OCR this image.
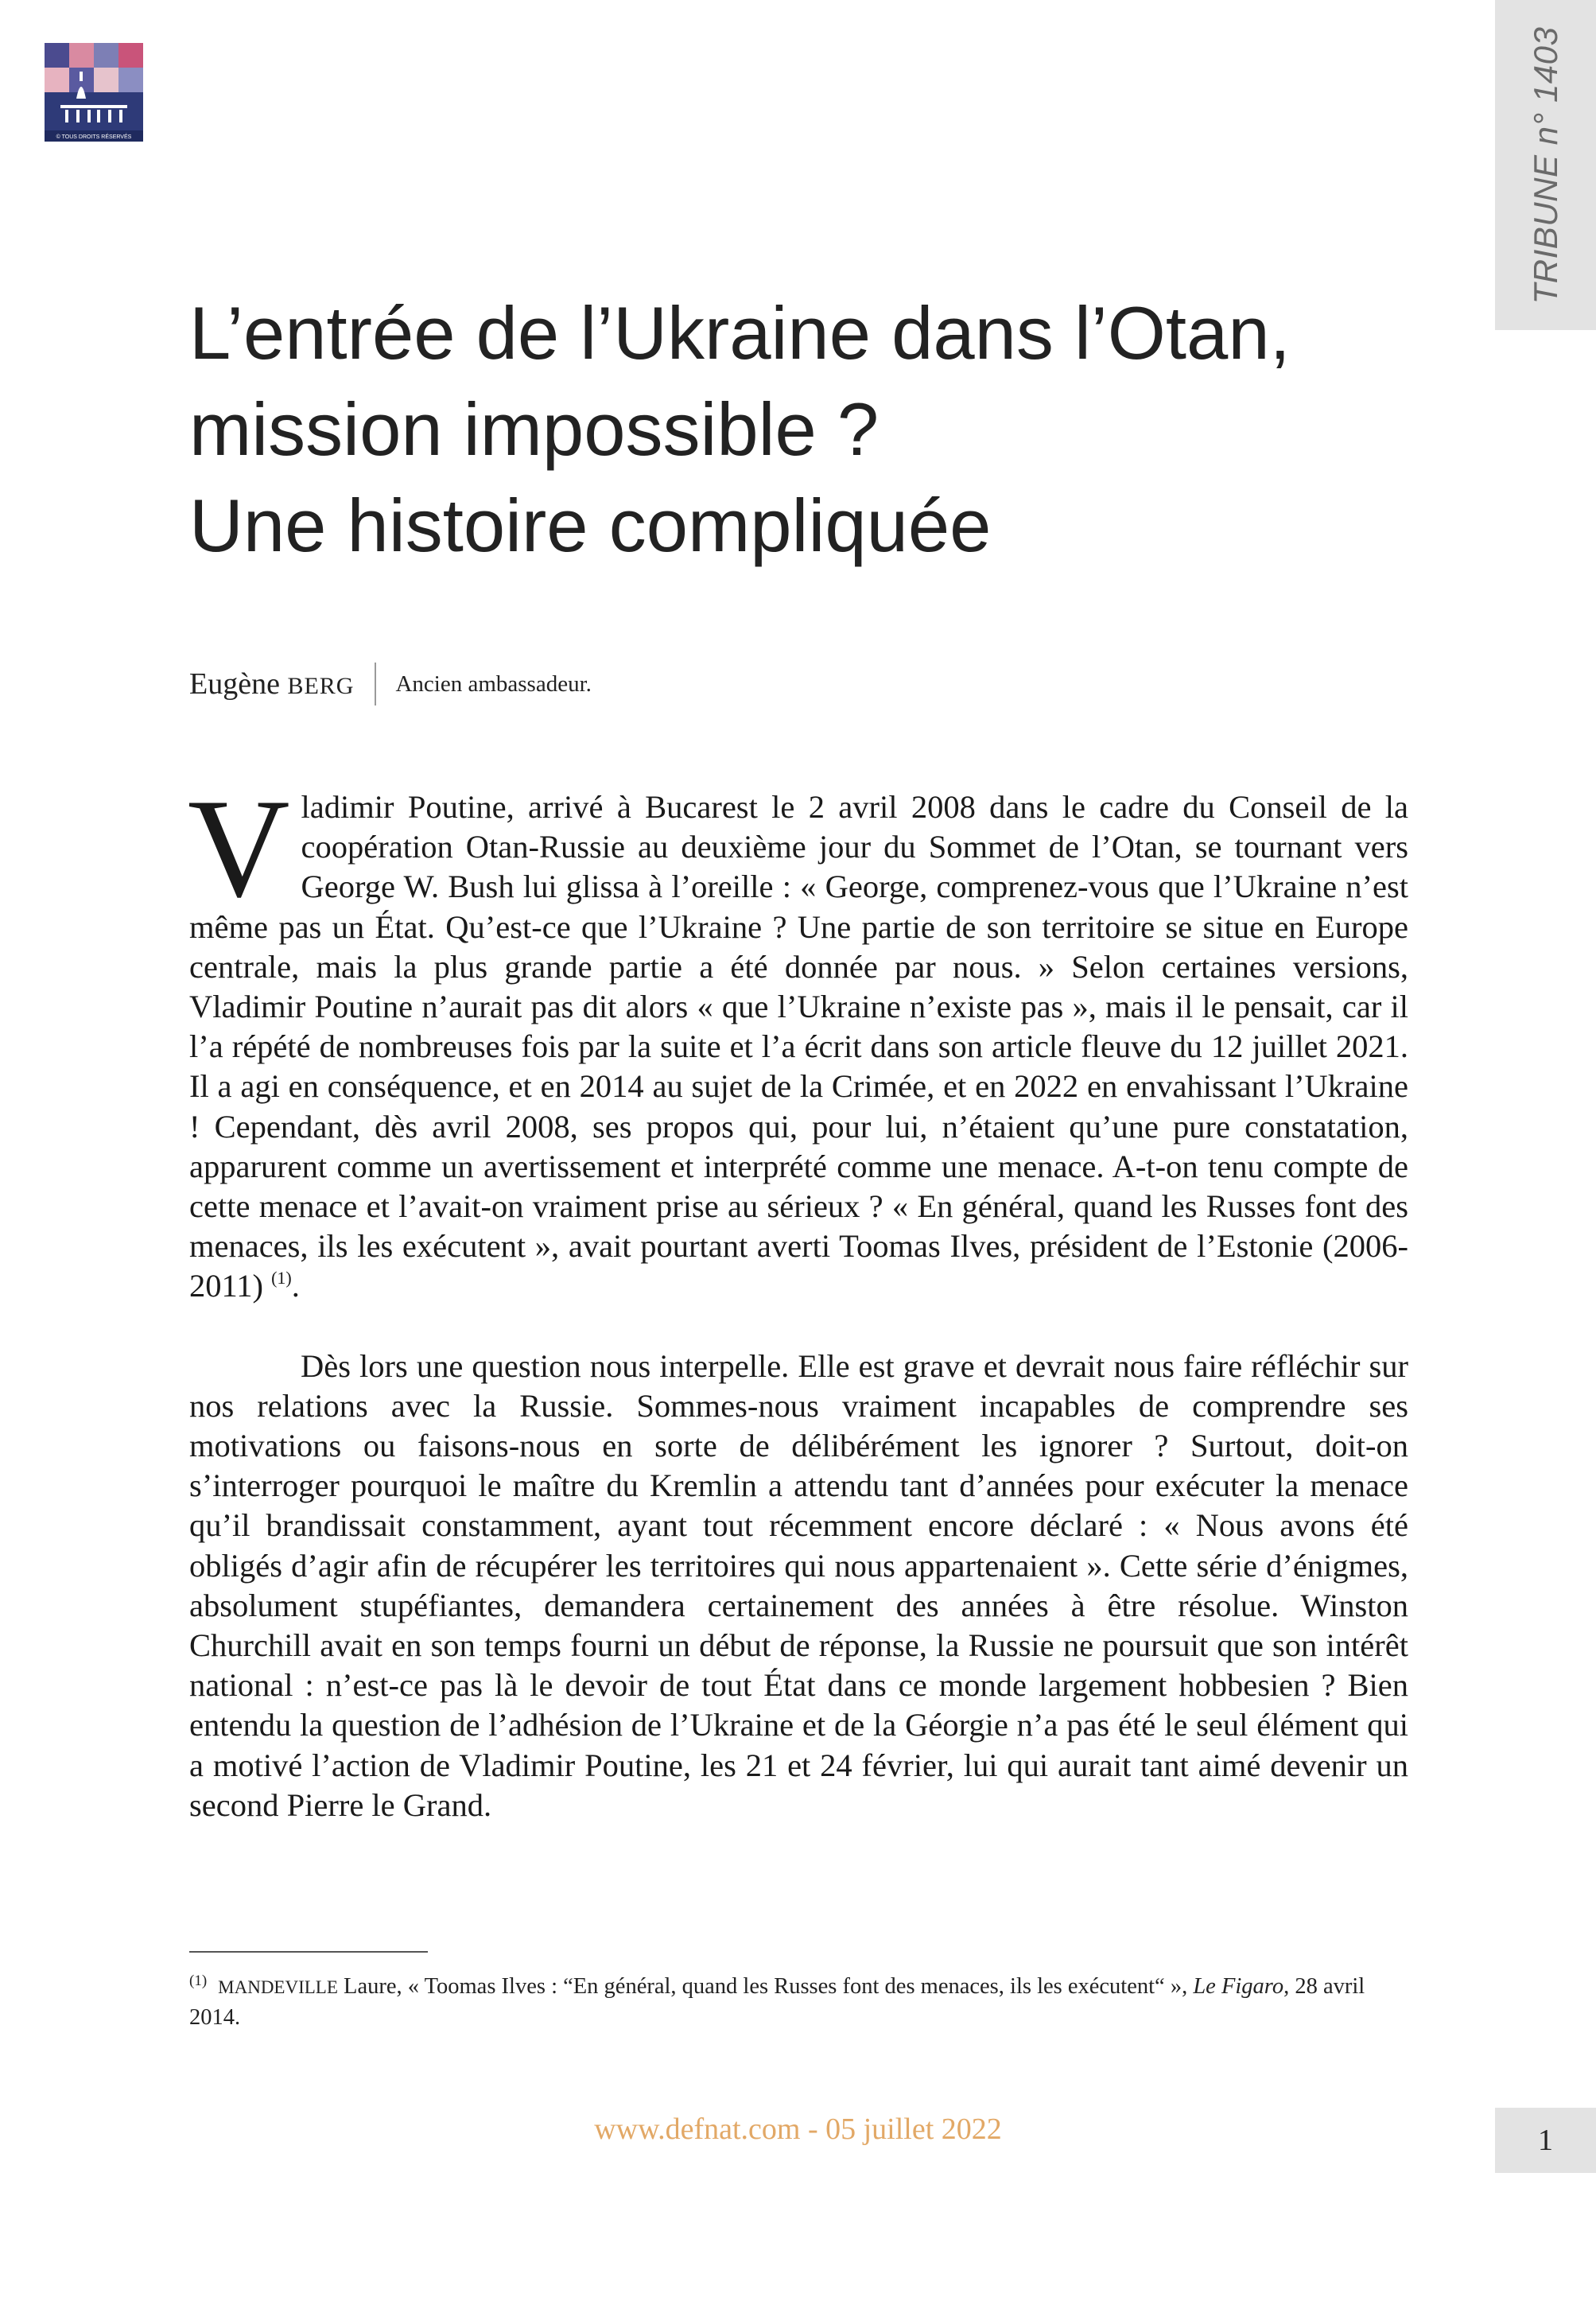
© TOUS DROITS RÉSERVÉS	TRIBUNE n° 1403
L’entrée de l’Ukraine dans l’Otan,
mission impossible ?
Une histoire compliquée
Eugène BERG Ancien ambassadeur.

Vladimir Poutine, arrivé à Bucarest le 2 avril 2008 dans le cadre du Conseil de la coopération Otan-Russie au deuxième jour du Sommet de l’Otan, se tournant vers George W. Bush lui glissa à l’oreille : « George, comprenez-vous que l’Ukraine n’est même pas un État. Qu’est-ce que l’Ukraine ? Une partie de son territoire se situe en Europe centrale, mais la plus grande partie a été donnée par nous. » Selon certaines versions, Vladimir Poutine n’aurait pas dit alors « que l’Ukraine n’existe pas », mais il le pensait, car il l’a répété de nombreuses fois par la suite et l’a écrit dans son article fleuve du 12 juillet 2021. Il a agi en conséquence, et en 2014 au sujet de la Crimée, et en 2022 en envahissant l’Ukraine ! Cependant, dès avril 2008, ses propos qui, pour lui, n’étaient qu’une pure constatation, apparurent comme un avertissement et interprété comme une menace. A-t-on tenu compte de cette menace et l’avait-on vraiment prise au sérieux ? « En général, quand les Russes font des menaces, ils les exécutent », avait pourtant averti Toomas Ilves, président de l’Estonie (2006-2011) $^{(1)}$.

Dès lors une question nous interpelle. Elle est grave et devrait nous faire réfléchir sur nos relations avec la Russie. Sommes-nous vraiment incapables de comprendre ses motivations ou faisons-nous en sorte de délibérément les ignorer ? Surtout, doit-on s’interroger pourquoi le maître du Kremlin a attendu tant d’années pour exécuter la menace qu’il brandissait constamment, ayant tout récemment encore déclaré : « Nous avons été obligés d’agir afin de récupérer les territoires qui nous appartenaient ». Cette série d’énigmes, absolument stupéfiantes, demandera certainement des années à être résolue. Winston Churchill avait en son temps fourni un début de réponse, la Russie ne poursuit que son intérêt national : n’est-ce pas là le devoir de tout État dans ce monde largement hobbesien ? Bien entendu la question de l’adhésion de l’Ukraine et de la Géorgie n’a pas été le seul élément qui a motivé l’action de Vladimir Poutine, les 21 et 24 février, lui qui aurait tant aimé devenir un second Pierre le Grand.

$^{(1)}$ MANDEVILLE Laure, « Toomas Ilves : “En général, quand les Russes font des menaces, ils les exécutent“ », Le Figaro, 28 avril 2014.
www.defnat.com - 05 juillet 2022	1
